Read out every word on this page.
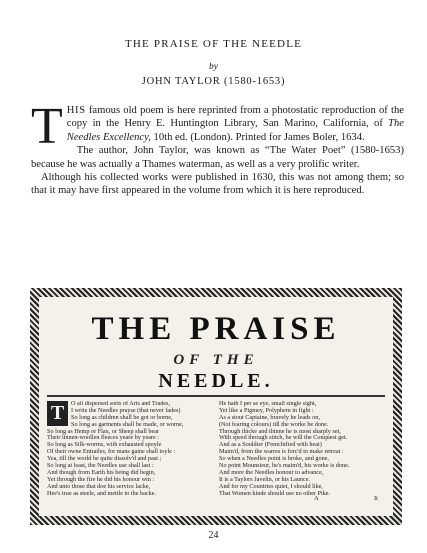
THE PRAISE OF THE NEEDLE
by
JOHN TAYLOR (1580-1653)

THIS famous old poem is here reprinted from a photostatic reproduction of the copy in the Henry E. Huntington Library, San Marino, California, of The Needles Excellency, 10th ed. (London). Printed for James Boler, 1634.

The author, John Taylor, was known as “The Water Poet” (1580-1653) because he was actually a Thames waterman, as well as a very prolific writer.

Although his collected works were published in 1630, this was not among them; so that it may have first appeared in the volume from which it is here reproduced.

THE PRAISE
OF THE
NEEDLE.
T	O all dispersed sorts of Arts and Trades,
I write the Needles prayse (that never fades)
So long as children shall be got or borne,
So long as garments shall be made, or worne,
So long as Hemp or Flax, or Sheep shall bear
Their linnen-woollen fleeces yeare by yeare :
So long as Silk-worms, with exhausted spoyle
Of their owne Entrailes, for mans gaine shall toyle :
Yea, till the world be quite dissolv'd and past ;
So long at least, the Needles use shall last :
And though from Earth his being did begin,
Yet through the fire he did his honour win :
And unto those that doe his service lacke,
Hee's true as steele, and mettle to the backe.
He hath I per se eye, small single sight,
Yet like a Pigmey, Polyphem in fight :
As a stout Captaine, bravely he leads on,
(Not fearing colours) till the worke be done.
Through thicke and thinne he is most sharply set,
With speed through stitch, he will the Conquest get.
And as a Souldier (Frenchified with heat)
Maim'd, from the warres is forc'd to make retreat :
So when a Needles point is broke, and gone,
No point Mounsieur, he's maim'd, his worke is done.
And more the Needles honour to advance,
It is a Taylors Javelin, or his Launce.
And for my Countries quiet, I should like,
That Women kinde should use no other Pike.
A	It
24
